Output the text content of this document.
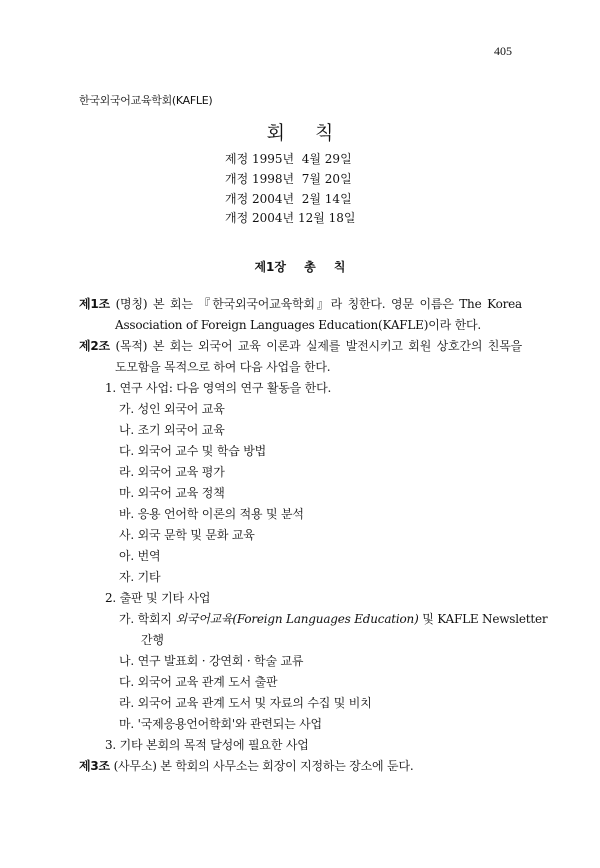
405
한국외국어교육학회(KAFLE)
회칙
제정 1995년  4월 29일
개정 1998년  7월 20일
개정 2004년  2월 14일
개정 2004년 12월 18일
제1장 총 칙
제1조 (명칭) 본 회는 『한국외국어교육학회』라 칭한다. 영문 이름은 The Korea
Association of Foreign Languages Education(KAFLE)이라 한다.
제2조 (목적) 본 회는 외국어 교육 이론과 실제를 발전시키고 회원 상호간의 친목을
도모함을 목적으로 하여 다음 사업을 한다.
1. 연구 사업: 다음 영역의 연구 활동을 한다.
가. 성인 외국어 교육
나. 조기 외국어 교육
다. 외국어 교수 및 학습 방법
라. 외국어 교육 평가
마. 외국어 교육 정책
바. 응용 언어학 이론의 적용 및 분석
사. 외국 문학 및 문화 교육
아. 번역
자. 기타
2. 출판 및 기타 사업
가. 학회지 외국어교육(Foreign Languages Education) 및 KAFLE Newsletter
간행
나. 연구 발표회 · 강연회 · 학술 교류
다. 외국어 교육 관계 도서 출판
라. 외국어 교육 관계 도서 및 자료의 수집 및 비치
마. '국제응용언어학회'와 관련되는 사업
3. 기타 본회의 목적 달성에 필요한 사업
제3조 (사무소) 본 학회의 사무소는 회장이 지정하는 장소에 둔다.
